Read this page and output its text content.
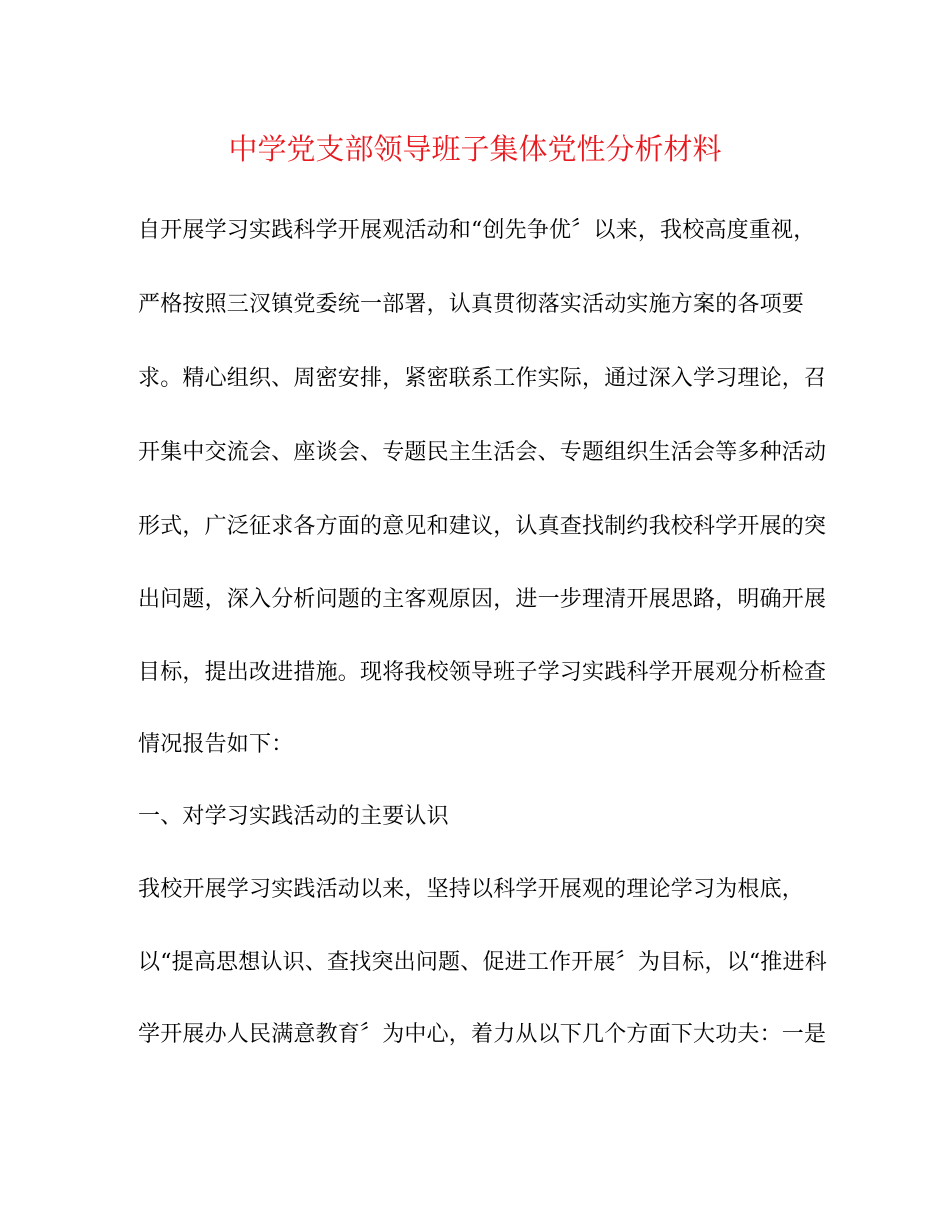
中学党支部领导班子集体党性分析材料
自开展学习实践科学开展观活动和“创先争优〞以来，我校高度重视，
严格按照三汊镇党委统一部署，认真贯彻落实活动实施方案的各项要
求。精心组织、周密安排，紧密联系工作实际，通过深入学习理论，召
开集中交流会、座谈会、专题民主生活会、专题组织生活会等多种活动
形式，广泛征求各方面的意见和建议，认真查找制约我校科学开展的突
出问题，深入分析问题的主客观原因，进一步理清开展思路，明确开展
目标，提出改进措施。现将我校领导班子学习实践科学开展观分析检查
情况报告如下：
一、对学习实践活动的主要认识
我校开展学习实践活动以来，坚持以科学开展观的理论学习为根底，
以“提高思想认识、查找突出问题、促进工作开展〞为目标，以“推进科
学开展办人民满意教育〞为中心，着力从以下几个方面下大功夫：一是
